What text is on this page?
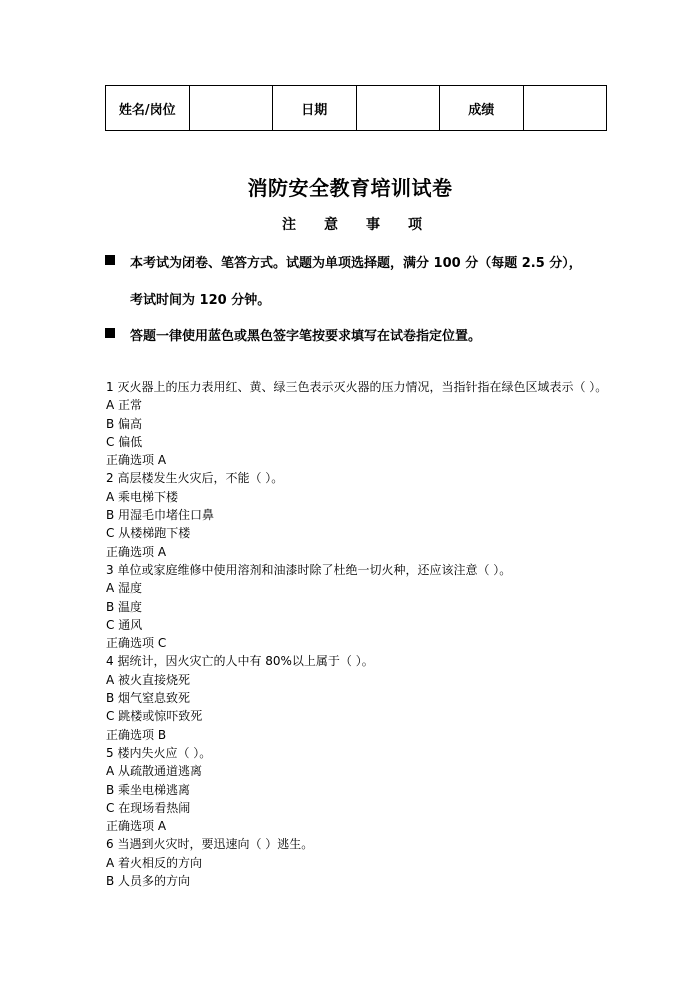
姓名/岗位		日期		成绩	
消防安全教育培训试卷
注 意 事 项
本考试为闭卷、笔答方式。试题为单项选择题，满分 100 分（每题 2.5 分），
考试时间为 120 分钟。
答题一律使用蓝色或黑色签字笔按要求填写在试卷指定位置。
1 灭火器上的压力表用红、黄、绿三色表示灭火器的压力情况，当指针指在绿色区域表示（ ）。
A 正常
B 偏高
C 偏低
正确选项 A
2 高层楼发生火灾后，不能（ ）。
A 乘电梯下楼
B 用湿毛巾堵住口鼻
C 从楼梯跑下楼
正确选项 A
3 单位或家庭维修中使用溶剂和油漆时除了杜绝一切火种，还应该注意（ ）。
A 湿度
B 温度
C 通风
正确选项 C
4 据统计，因火灾亡的人中有 80%以上属于（ ）。
A 被火直接烧死
B 烟气窒息致死
C 跳楼或惊吓致死
正确选项 B
5 楼内失火应（ ）。
A 从疏散通道逃离
B 乘坐电梯逃离
C 在现场看热闹
正确选项 A
6 当遇到火灾时，要迅速向（ ）逃生。
A 着火相反的方向
B 人员多的方向
